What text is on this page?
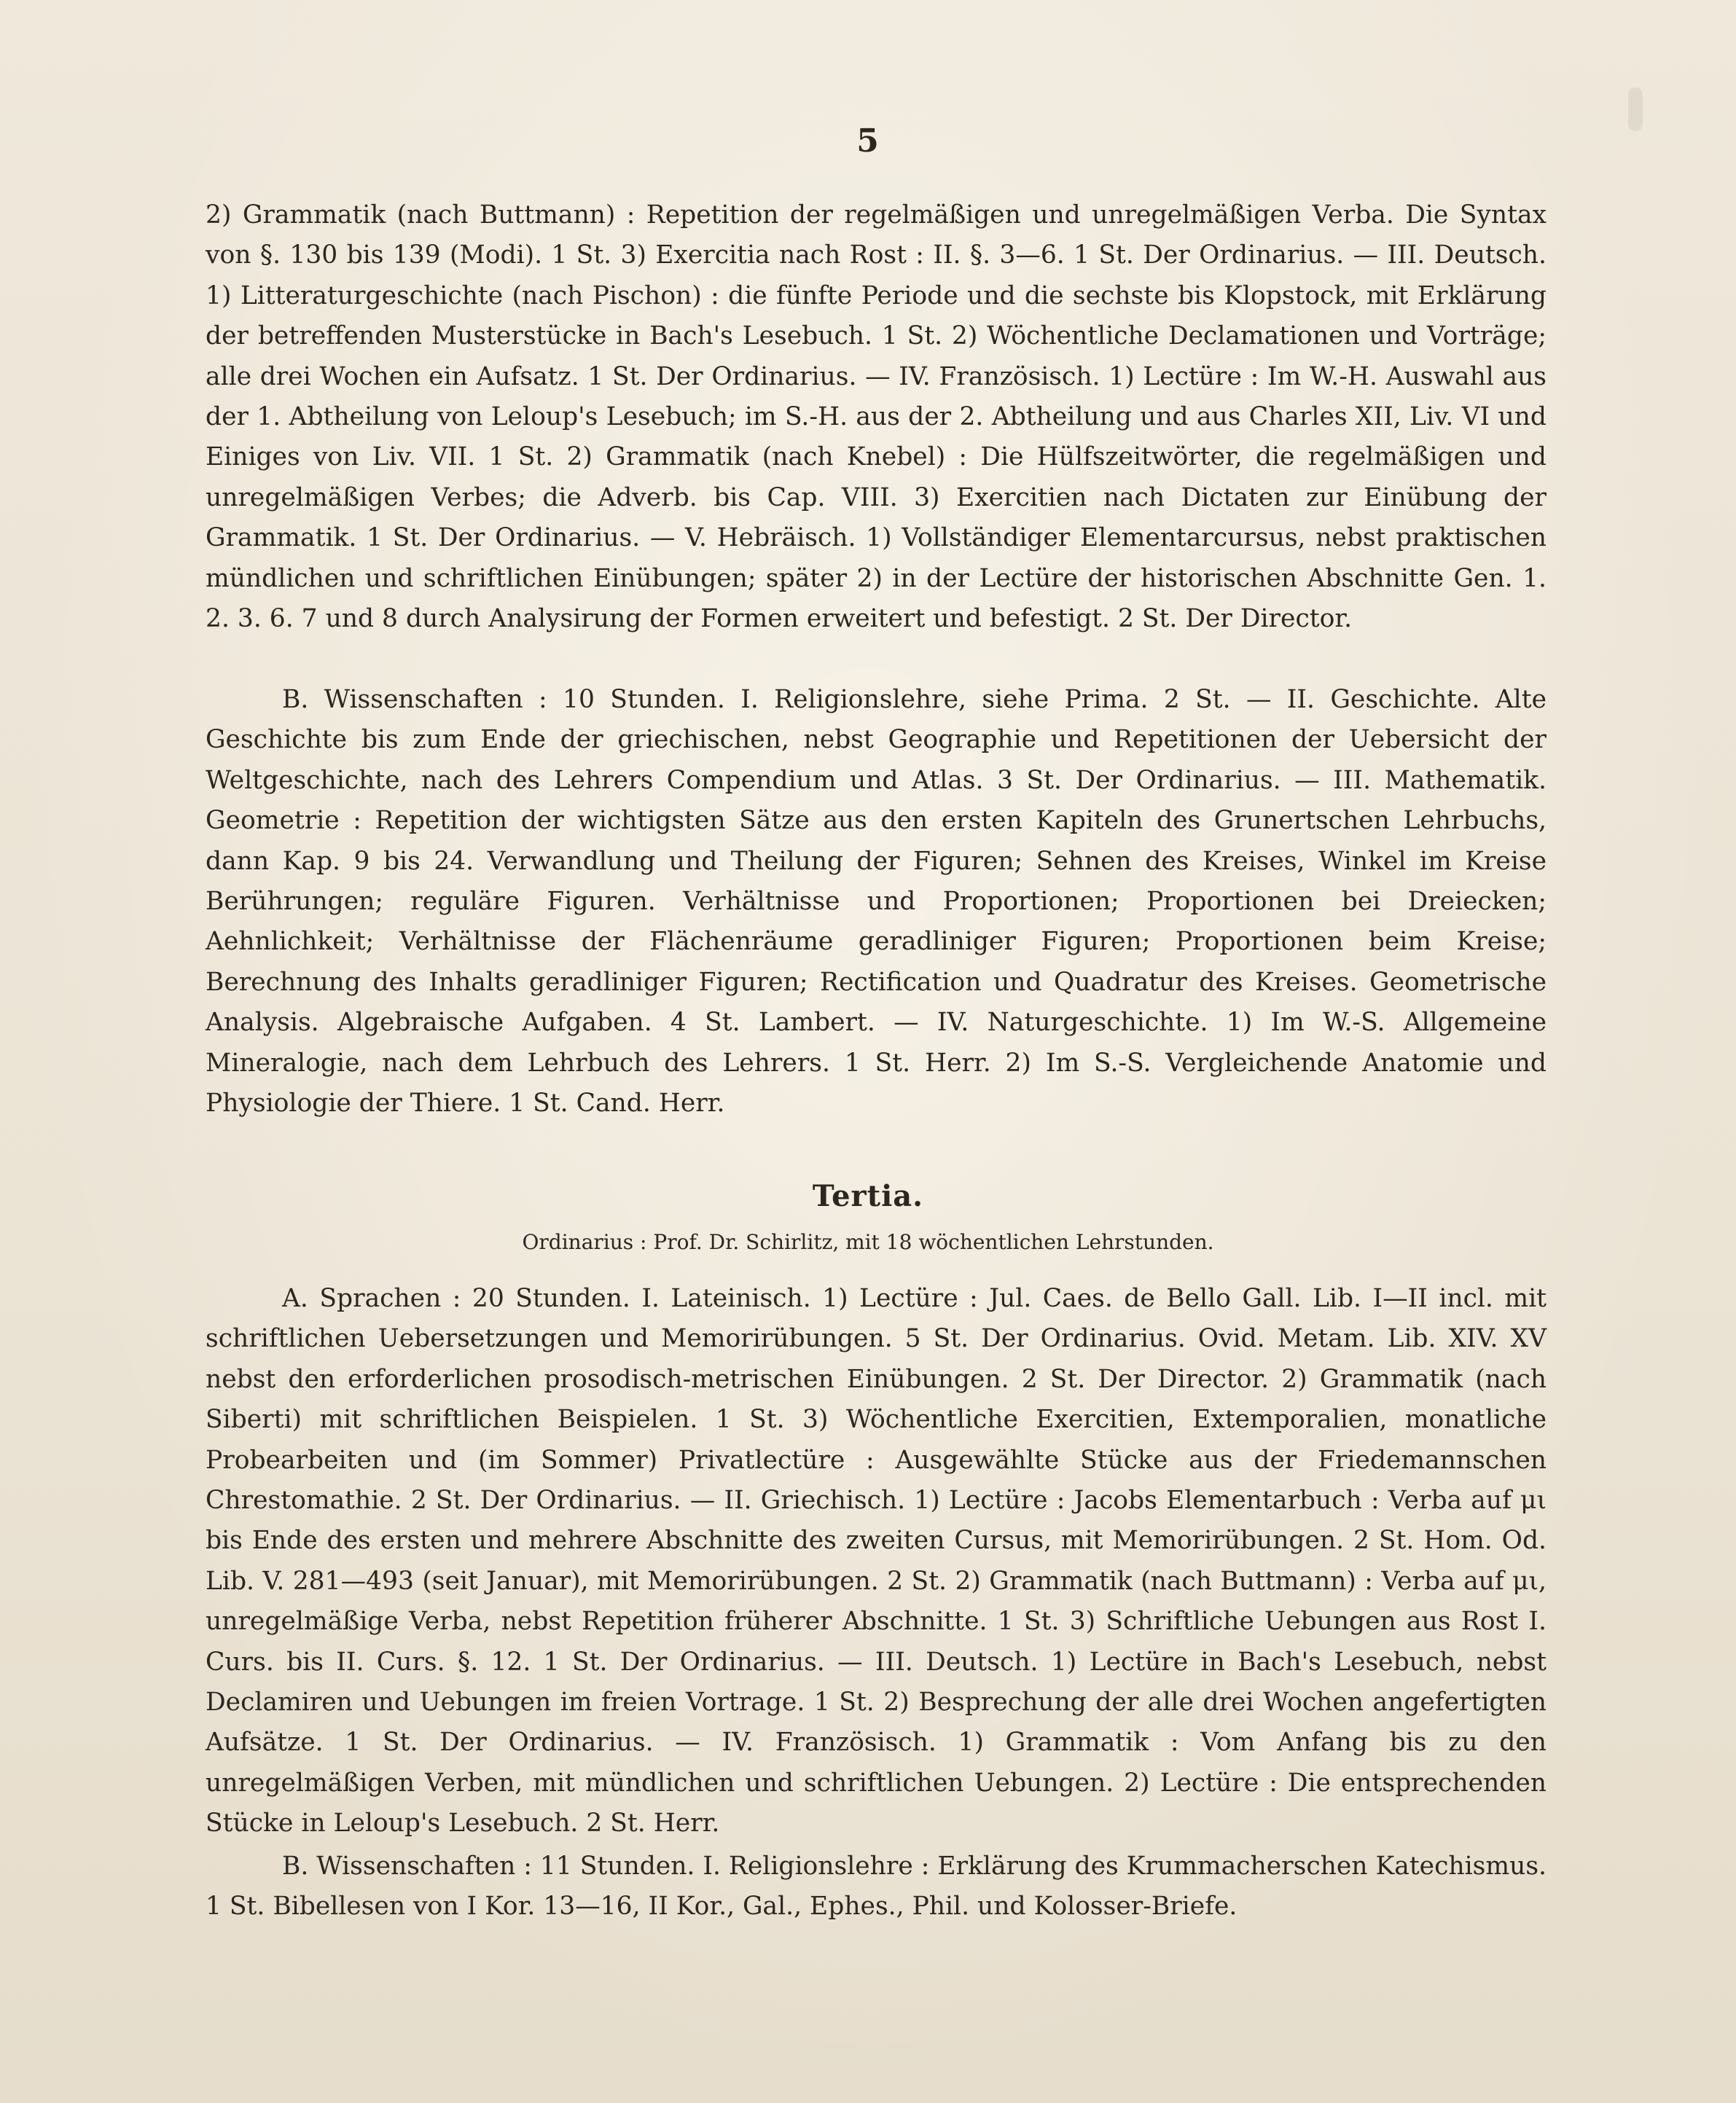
5

2) Grammatik (nach Buttmann) : Repetition der regelmäßigen und unregelmäßigen Verba. Die Syntax von §. 130 bis 139 (Modi). 1 St. 3) Exercitia nach Rost : II. §. 3—6. 1 St. Der Ordinarius. — III. Deutsch. 1) Litteraturgeschichte (nach Pischon) : die fünfte Periode und die sechste bis Klopstock, mit Erklärung der betreffenden Musterstücke in Bach's Lesebuch. 1 St. 2) Wöchentliche Declamationen und Vorträge; alle drei Wochen ein Aufsatz. 1 St. Der Ordinarius. — IV. Französisch. 1) Lectüre : Im W.-H. Auswahl aus der 1. Abtheilung von Leloup's Lesebuch; im S.-H. aus der 2. Abtheilung und aus Charles XII, Liv. VI und Einiges von Liv. VII. 1 St. 2) Grammatik (nach Knebel) : Die Hülfszeitwörter, die regelmäßigen und unregelmäßigen Verbes; die Adverb. bis Cap. VIII. 3) Exercitien nach Dictaten zur Einübung der Grammatik. 1 St. Der Ordinarius. — V. Hebräisch. 1) Vollständiger Elementarcursus, nebst praktischen mündlichen und schriftlichen Einübungen; später 2) in der Lectüre der historischen Abschnitte Gen. 1. 2. 3. 6. 7 und 8 durch Analysirung der Formen erweitert und befestigt. 2 St. Der Director.

B. Wissenschaften : 10 Stunden. I. Religionslehre, siehe Prima. 2 St. — II. Geschichte. Alte Geschichte bis zum Ende der griechischen, nebst Geographie und Repetitionen der Uebersicht der Weltgeschichte, nach des Lehrers Compendium und Atlas. 3 St. Der Ordinarius. — III. Mathematik. Geometrie : Repetition der wichtigsten Sätze aus den ersten Kapiteln des Grunertschen Lehrbuchs, dann Kap. 9 bis 24. Verwandlung und Theilung der Figuren; Sehnen des Kreises, Winkel im Kreise Berührungen; reguläre Figuren. Verhältnisse und Proportionen; Proportionen bei Dreiecken; Aehnlichkeit; Verhältnisse der Flächenräume geradliniger Figuren; Proportionen beim Kreise; Berechnung des Inhalts geradliniger Figuren; Rectification und Quadratur des Kreises. Geometrische Analysis. Algebraische Aufgaben. 4 St. Lambert. — IV. Naturgeschichte. 1) Im W.-S. Allgemeine Mineralogie, nach dem Lehrbuch des Lehrers. 1 St. Herr. 2) Im S.-S. Vergleichende Anatomie und Physiologie der Thiere. 1 St. Cand. Herr.

Tertia.
Ordinarius : Prof. Dr. Schirlitz, mit 18 wöchentlichen Lehrstunden.

A. Sprachen : 20 Stunden. I. Lateinisch. 1) Lectüre : Jul. Caes. de Bello Gall. Lib. I—II incl. mit schriftlichen Uebersetzungen und Memorirübungen. 5 St. Der Ordinarius. Ovid. Metam. Lib. XIV. XV nebst den erforderlichen prosodisch-metrischen Einübungen. 2 St. Der Director. 2) Grammatik (nach Siberti) mit schriftlichen Beispielen. 1 St. 3) Wöchentliche Exercitien, Extemporalien, monatliche Probearbeiten und (im Sommer) Privatlectüre : Ausgewählte Stücke aus der Friedemannschen Chrestomathie. 2 St. Der Ordinarius. — II. Griechisch. 1) Lectüre : Jacobs Elementarbuch : Verba auf μι bis Ende des ersten und mehrere Abschnitte des zweiten Cursus, mit Memorirübungen. 2 St. Hom. Od. Lib. V. 281—493 (seit Januar), mit Memorirübungen. 2 St. 2) Grammatik (nach Buttmann) : Verba auf μι, unregelmäßige Verba, nebst Repetition früherer Abschnitte. 1 St. 3) Schriftliche Uebungen aus Rost I. Curs. bis II. Curs. §. 12. 1 St. Der Ordinarius. — III. Deutsch. 1) Lectüre in Bach's Lesebuch, nebst Declamiren und Uebungen im freien Vortrage. 1 St. 2) Besprechung der alle drei Wochen angefertigten Aufsätze. 1 St. Der Ordinarius. — IV. Französisch. 1) Grammatik : Vom Anfang bis zu den unregelmäßigen Verben, mit mündlichen und schriftlichen Uebungen. 2) Lectüre : Die entsprechenden Stücke in Leloup's Lesebuch. 2 St. Herr.

B. Wissenschaften : 11 Stunden. I. Religionslehre : Erklärung des Krummacherschen Katechismus. 1 St. Bibellesen von I Kor. 13—16, II Kor., Gal., Ephes., Phil. und Kolosser-Briefe.
